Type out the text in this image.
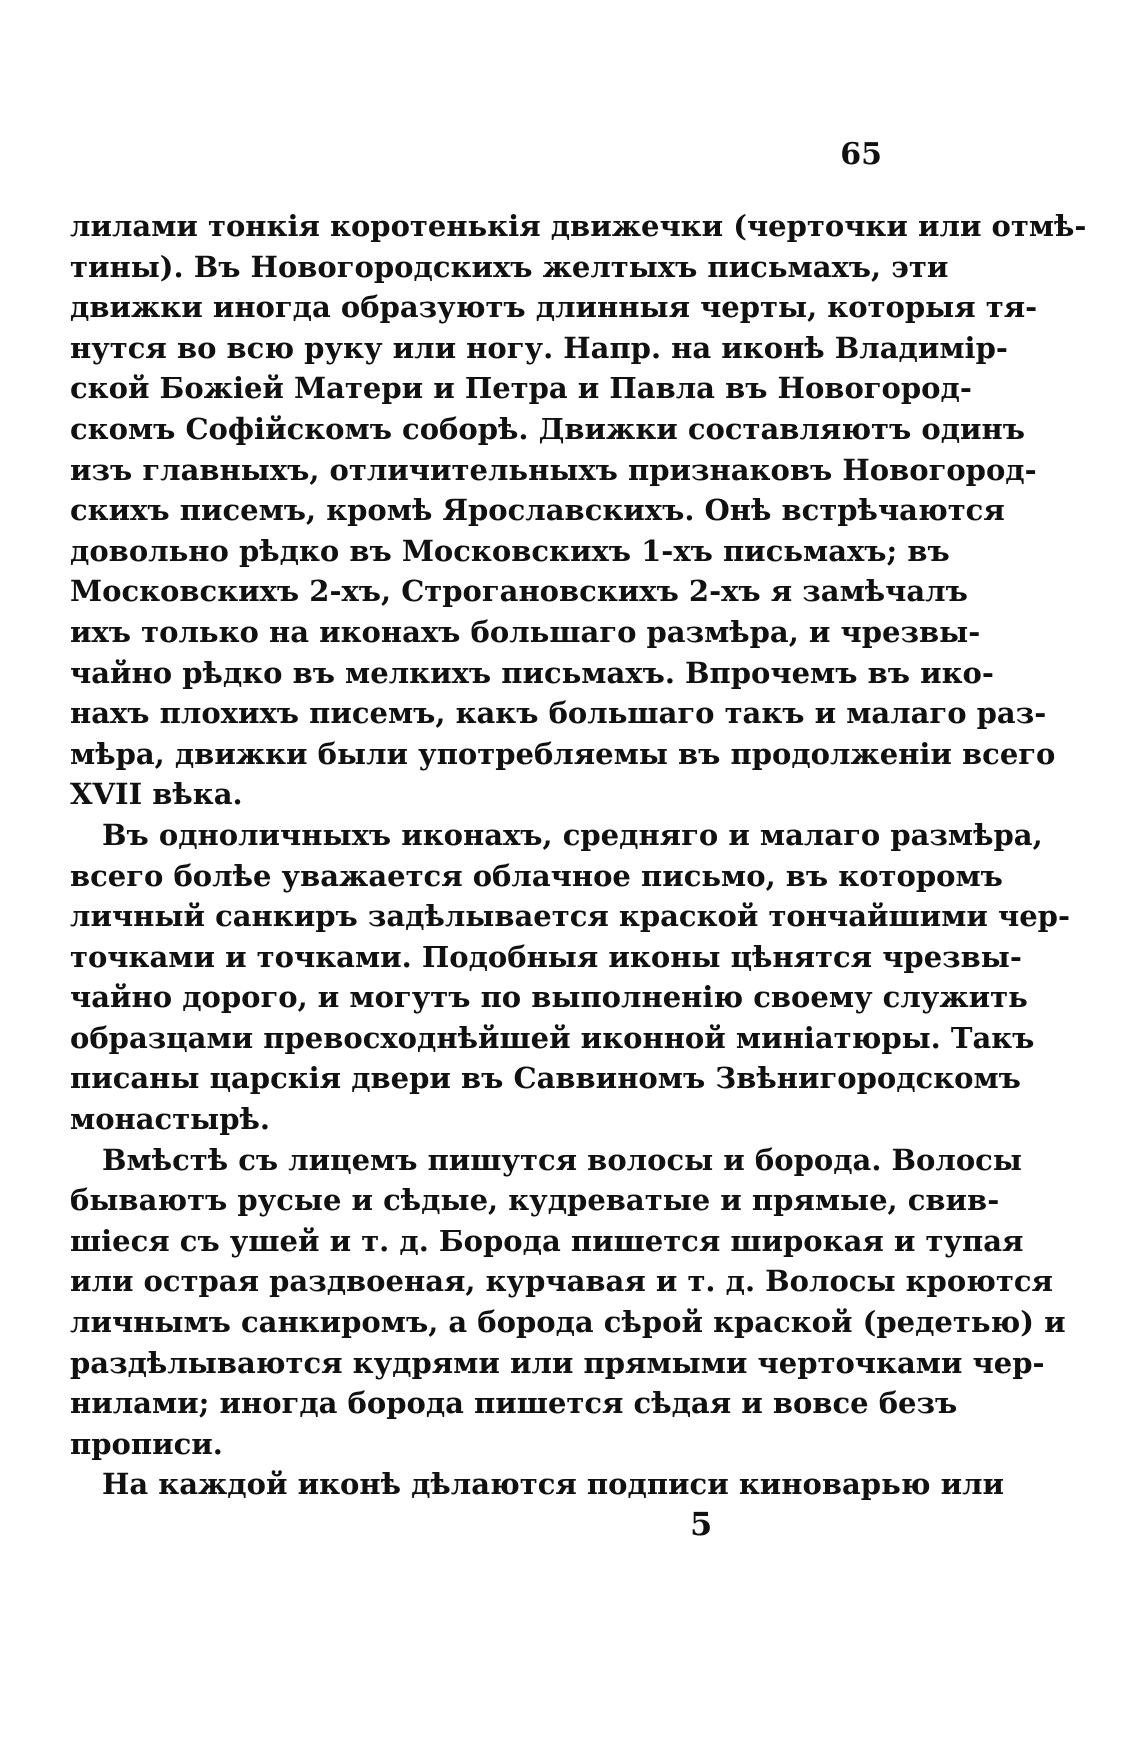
65

лилами тонкія коротенькія движечки (черточки или отмѣ-
тины). Въ Новогородскихъ желтыхъ письмахъ, эти
движки иногда образуютъ длинныя черты, которыя тя-
нутся во всю руку или ногу. Напр. на иконѣ Владимір-
ской Божіей Матери и Петра и Павла въ Новогород-
скомъ Софійскомъ соборѣ. Движки составляютъ одинъ
изъ главныхъ, отличительныхъ признаковъ Новогород-
скихъ писемъ, кромѣ Ярославскихъ. Онѣ встрѣчаются
довольно рѣдко въ Московскихъ 1-хъ письмахъ; въ
Московскихъ 2-хъ, Строгановскихъ 2-хъ я замѣчалъ
ихъ только на иконахъ большаго размѣра, и чрезвы-
чайно рѣдко въ мелкихъ письмахъ. Впрочемъ въ ико-
нахъ плохихъ писемъ, какъ большаго такъ и малаго раз-
мѣра, движки были употребляемы въ продолженіи всего
XVII вѣка.

Въ одноличныхъ иконахъ, средняго и малаго размѣра,
всего болѣе уважается облачное письмо, въ которомъ
личный санкиръ задѣлывается краской тончайшими чер-
точками и точками. Подобныя иконы цѣнятся чрезвы-
чайно дорого, и могутъ по выполненію своему служить
образцами превосходнѣйшей иконной миніатюры. Такъ
писаны царскія двери въ Саввиномъ Звѣнигородскомъ
монастырѣ.

Вмѣстѣ съ лицемъ пишутся волосы и борода. Волосы
бываютъ русые и сѣдые, кудреватые и прямые, свив-
шіеся съ ушей и т. д. Борода пишется широкая и тупая
или острая раздвоеная, курчавая и т. д. Волосы кроются
личнымъ санкиромъ, а борода сѣрой краской (редетью) и
раздѣлываются кудрями или прямыми черточками чер-
нилами; иногда борода пишется сѣдая и вовсе безъ
прописи.

На каждой иконѣ дѣлаются подписи киноварью или

5
